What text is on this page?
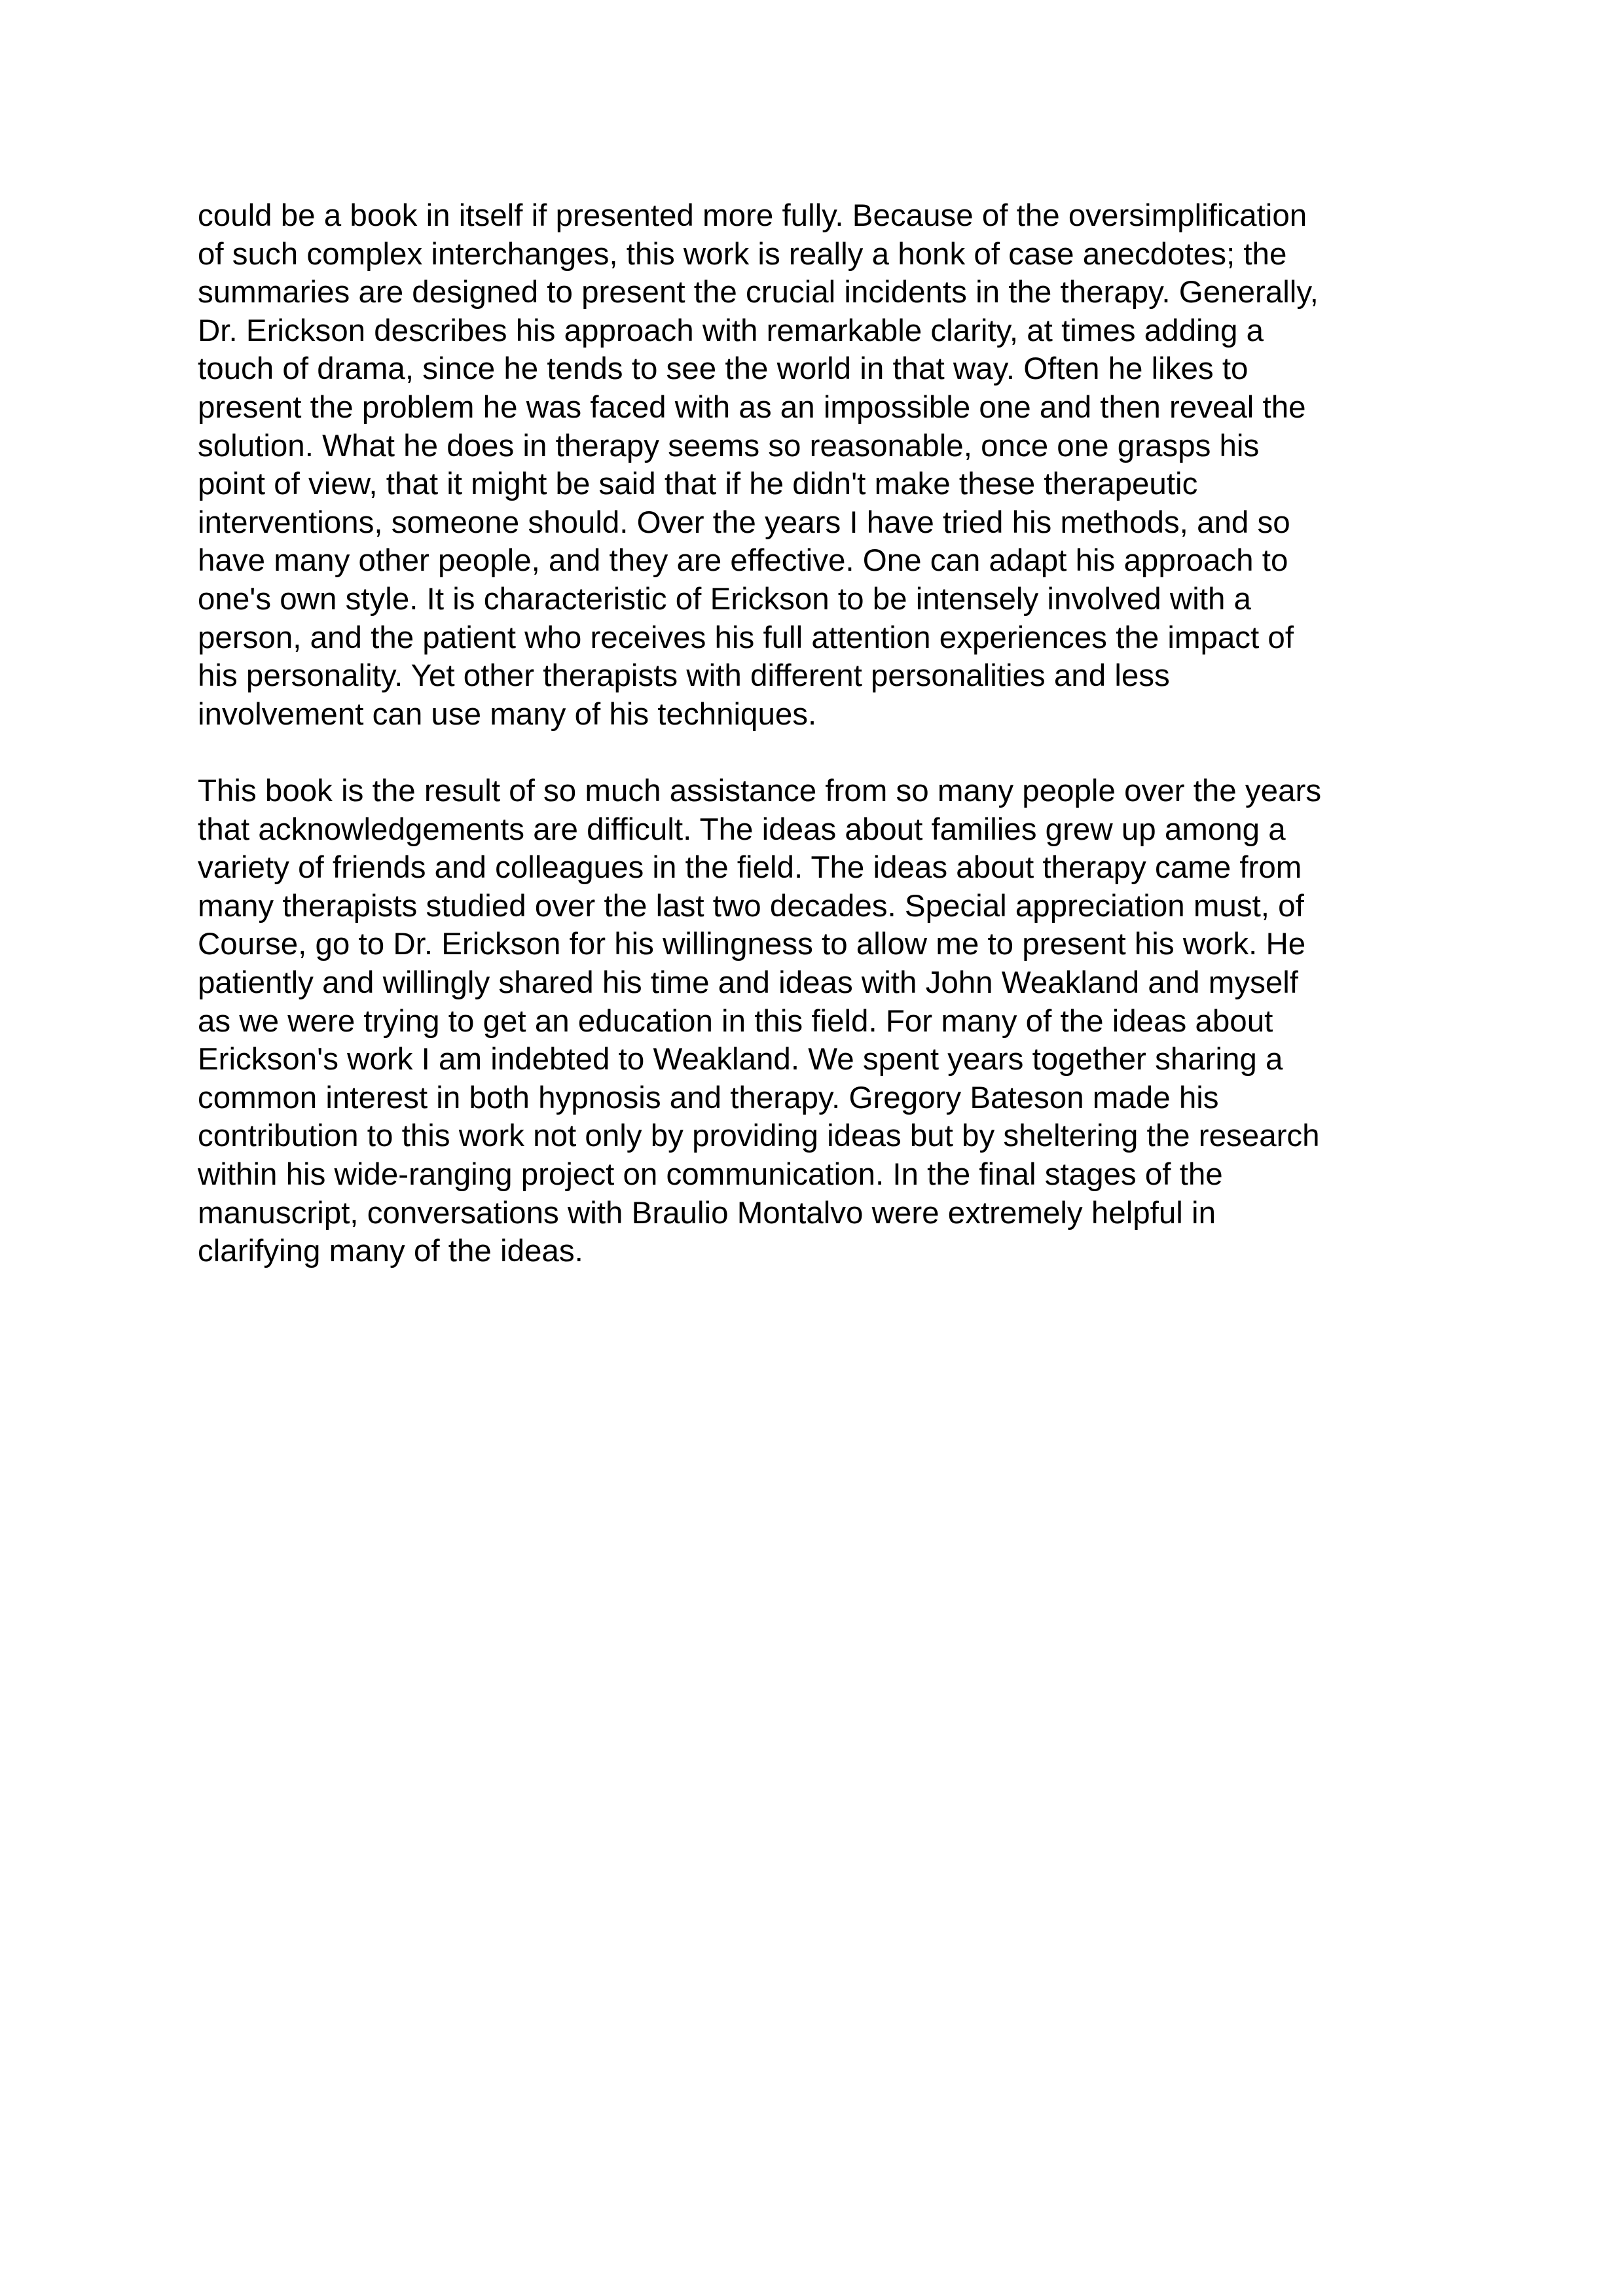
could be a book in itself if presented more fully. Because of the oversimplification
of such complex interchanges, this work is really a honk of case anecdotes; the
summaries are designed to present the crucial incidents in the therapy. Generally,
Dr. Erickson describes his approach with remarkable clarity, at times adding a
touch of drama, since he tends to see the world in that way. Often he likes to
present the problem he was faced with as an impossible one and then reveal the
solution. What he does in therapy seems so reasonable, once one grasps his
point of view, that it might be said that if he didn't make these therapeutic
interventions, someone should. Over the years I have tried his methods, and so
have many other people, and they are effective. One can adapt his approach to
one's own style. It is characteristic of Erickson to be intensely involved with a
person, and the patient who receives his full attention experiences the impact of
his personality. Yet other therapists with different personalities and less
involvement can use many of his techniques.
This book is the result of so much assistance from so many people over the years
that acknowledgements are difficult. The ideas about families grew up among a
variety of friends and colleagues in the field. The ideas about therapy came from
many therapists studied over the last two decades. Special appreciation must, of
Course, go to Dr. Erickson for his willingness to allow me to present his work. He
patiently and willingly shared his time and ideas with John Weakland and myself
as we were trying to get an education in this field. For many of the ideas about
Erickson's work I am indebted to Weakland. We spent years together sharing a
common interest in both hypnosis and therapy. Gregory Bateson made his
contribution to this work not only by providing ideas but by sheltering the research
within his wide-ranging project on communication. In the final stages of the
manuscript, conversations with Braulio Montalvo were extremely helpful in
clarifying many of the ideas.
